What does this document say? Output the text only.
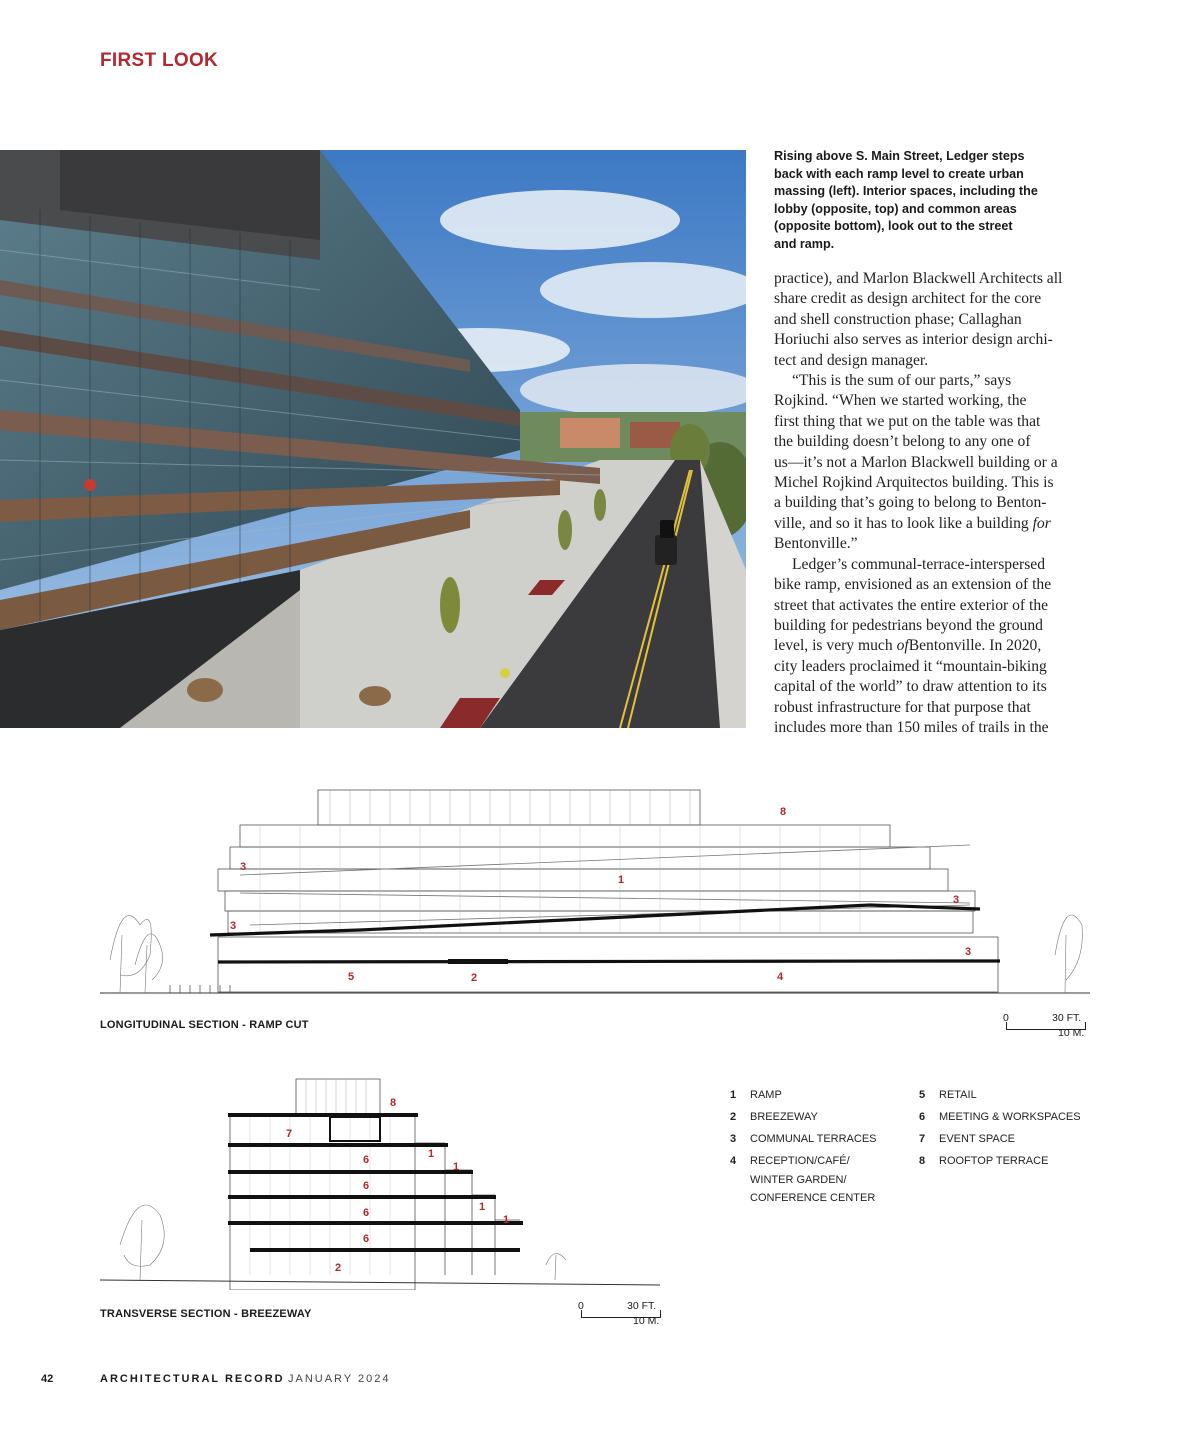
FIRST LOOK
Rising above S. Main Street, Ledger steps
back with each ramp level to create urban
massing (left). Interior spaces, including the
lobby (opposite, top) and common areas
(opposite bottom), look out to the street
and ramp.
practice), and Marlon Blackwell Architects all
share credit as design architect for the core
and shell construction phase; Callaghan
Horiuchi also serves as interior design archi-
tect and design manager.
“This is the sum of our parts,” says
Rojkind. “When we started working, the
first thing that we put on the table was that
the building doesn’t belong to any one of
us—it’s not a Marlon Blackwell building or a
Michel Rojkind Arquitectos building. This is
a building that’s going to belong to Benton-
ville, and so it has to look like a building for
Bentonville.”
Ledger’s communal-terrace-interspersed
bike ramp, envisioned as an extension of the
street that activates the entire exterior of the
building for pedestrians beyond the ground
level, is very much ofBentonville. In 2020,
city leaders proclaimed it “mountain-biking
capital of the world” to draw attention to its
robust infrastructure for that purpose that
includes more than 150 miles of trails in the
8
3
1
3
3
3
5	2	4
LONGITUDINAL SECTION - RAMP CUT
0	30 FT.
10 M.
8
7
6
6
6
6
1
1
1
1
2
TRANSVERSE SECTION - BREEZEWAY
0	30 FT.
10 M.
1	RAMP
2	BREEZEWAY
3	COMMUNAL TERRACES
4	RECEPTION/CAFÉ/
WINTER GARDEN/
CONFERENCE CENTER
5	RETAIL
6	MEETING & WORKSPACES
7	EVENT SPACE
8	ROOFTOP TERRACE
42	ARCHITECTURAL RECORD JANUARY 2024
